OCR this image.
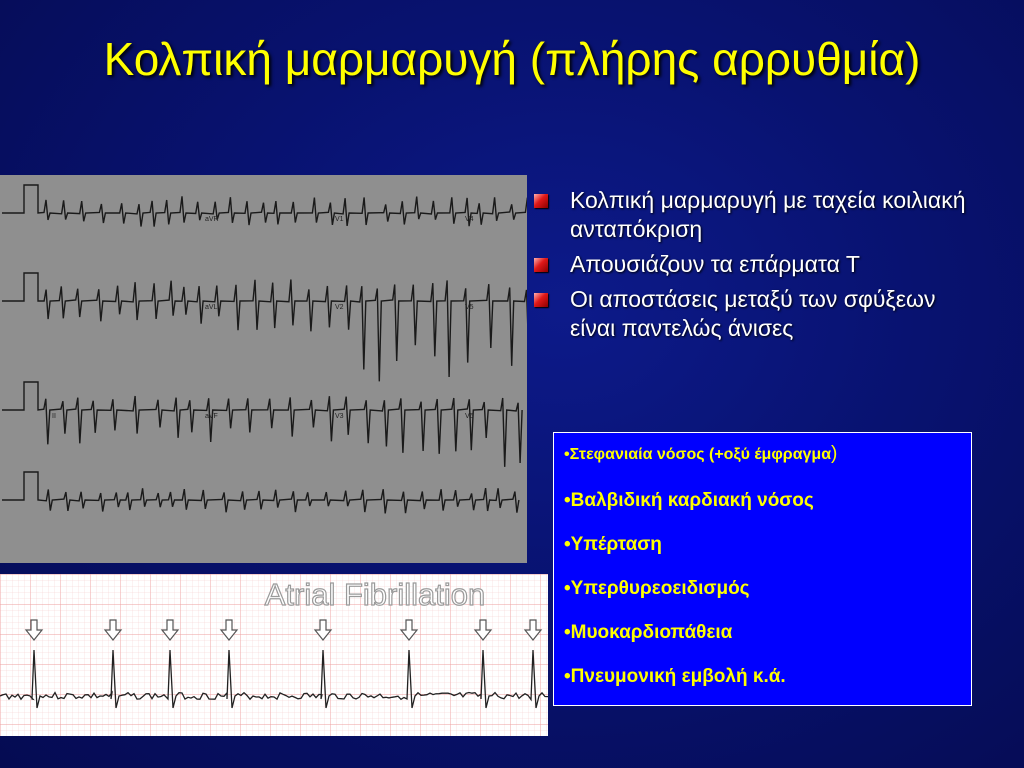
Κολπική μαρμαρυγή (πλήρης αρρυθμία)
aVR	V1	V4
aVL	V2	V5
II	aVF	V3	V6
Κολπική μαρμαρυγή με ταχεία κοιλιακή ανταπόκριση
Απουσιάζουν τα επάρματα Τ
Οι αποστάσεις μεταξύ των σφύξεων είναι παντελώς άνισες
•Στεφανιαία νόσος (+οξύ έμφραγμα)
•Βαλβιδική καρδιακή νόσος
•Υπέρταση
•Υπερθυρεοειδισμός
•Μυοκαρδιοπάθεια
•Πνευμονική εμβολή κ.ά.
Atrial Fibrillation
